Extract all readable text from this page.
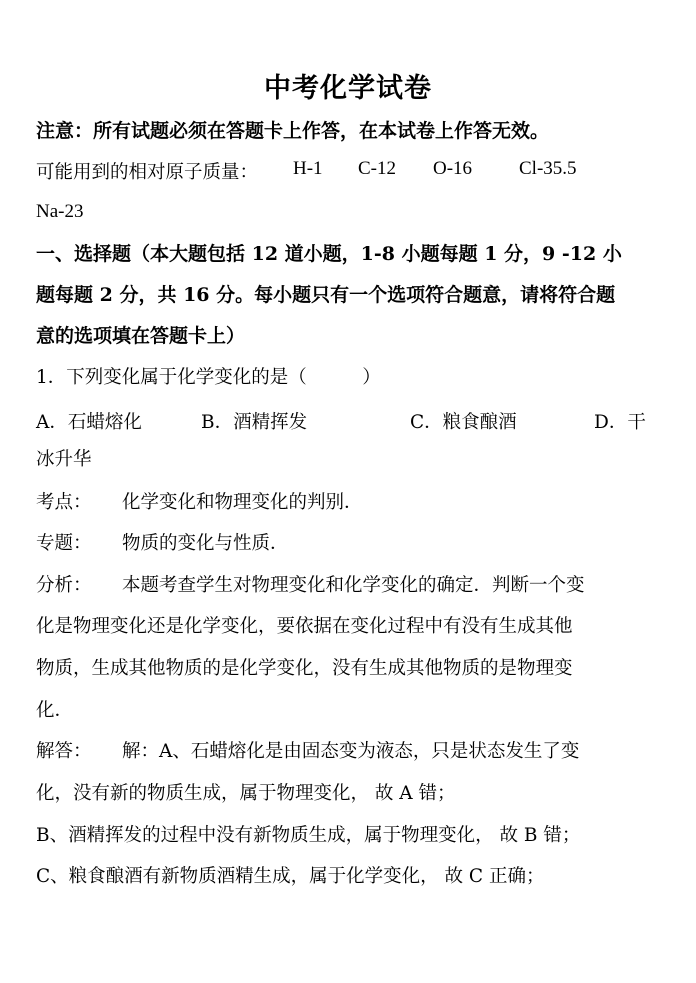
中考化学试卷
注意：所有试题必须在答题卡上作答，在本试卷上作答无效。
可能用到的相对原子质量： H-1 C-12 O-16 Cl-35.5
Na-23
一、选择题（本大题包括 12 道小题，1-8 小题每题 1 分，9 -12 小
题每题 2 分，共 16 分。每小题只有一个选项符合题意，请将符合题
意的选项填在答题卡上）
1．下列变化属于化学变化的是（　　　）
A．石蜡熔化	B．酒精挥发	C．粮食酿酒	D．干
冰升华
考点： 化学变化和物理变化的判别．
专题： 物质的变化与性质．
分析： 本题考查学生对物理变化和化学变化的确定．判断一个变
化是物理变化还是化学变化，要依据在变化过程中有没有生成其他
物质，生成其他物质的是化学变化，没有生成其他物质的是物理变
化．
解答： 解：A、石蜡熔化是由固态变为液态，只是状态发生了变
化，没有新的物质生成，属于物理变化， 故 A 错；
B、酒精挥发的过程中没有新物质生成，属于物理变化， 故 B 错；
C、粮食酿酒有新物质酒精生成，属于化学变化， 故 C 正确；
